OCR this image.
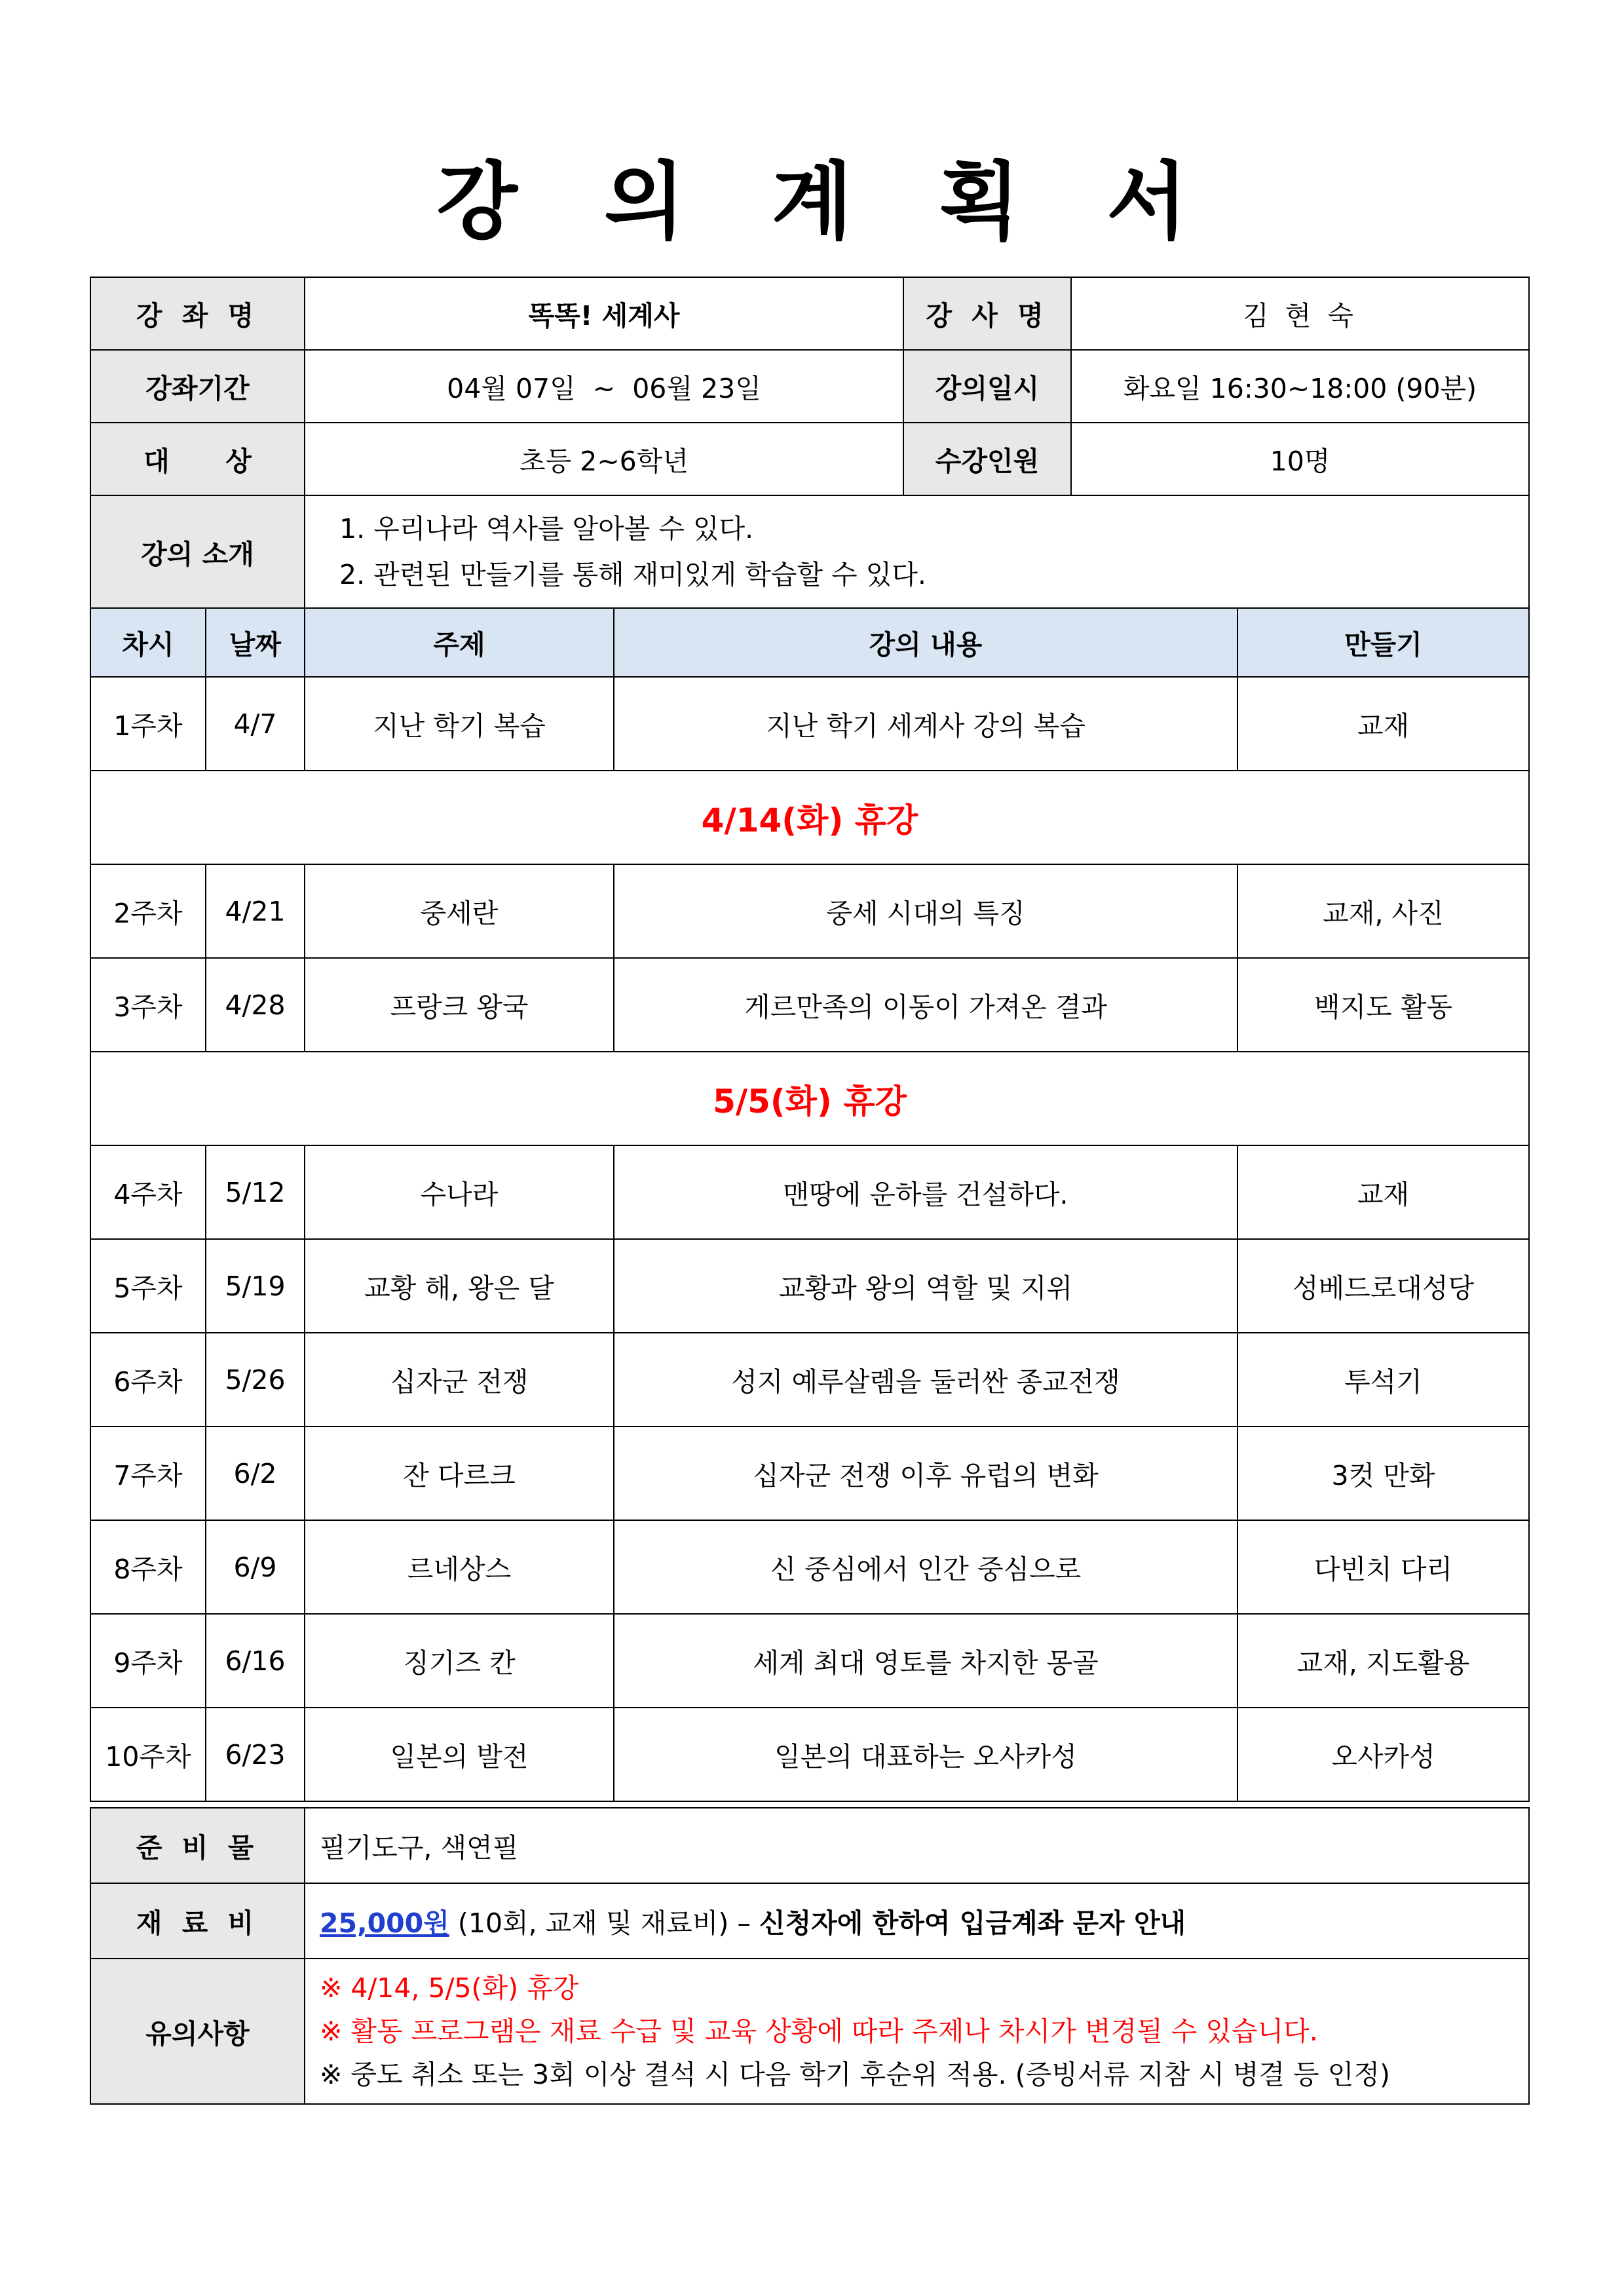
강 의 계 획 서
강 좌 명	똑똑! 세계사	강 사 명	김 현 숙
강좌기간	04월 07일  ~  06월 23일	강의일시	화요일 16:30~18:00 (90분)
대      상	초등 2~6학년	수강인원	10명
강의 소개	1. 우리나라 역사를 알아볼 수 있다.
2. 관련된 만들기를 통해 재미있게 학습할 수 있다.		
차시	날짜	주제	강의 내용	만들기
1주차	4/7	지난 학기 복습	지난 학기 세계사 강의 복습	교재
4/14(화) 휴강				
2주차	4/21	중세란	중세 시대의 특징	교재, 사진
3주차	4/28	프랑크 왕국	게르만족의 이동이 가져온 결과	백지도 활동
5/5(화) 휴강				
4주차	5/12	수나라	맨땅에 운하를 건설하다.	교재
5주차	5/19	교황 해, 왕은 달	교황과 왕의 역할 및 지위	성베드로대성당
6주차	5/26	십자군 전쟁	성지 예루살렘을 둘러싼 종교전쟁	투석기
7주차	6/2	잔 다르크	십자군 전쟁 이후 유럽의 변화	3컷 만화
8주차	6/9	르네상스	신 중심에서 인간 중심으로	다빈치 다리
9주차	6/16	징기즈 칸	세계 최대 영토를 차지한 몽골	교재, 지도활용
10주차	6/23	일본의 발전	일본의 대표하는 오사카성	오사카성
준 비 물	필기도구, 색연필
재 료 비	25,000원 (10회, 교재 및 재료비) – 신청자에 한하여 입금계좌 문자 안내
유의사항	※ 4/14, 5/5(화) 휴강
※ 활동 프로그램은 재료 수급 및 교육 상황에 따라 주제나 차시가 변경될 수 있습니다.
※ 중도 취소 또는 3회 이상 결석 시 다음 학기 후순위 적용. (증빙서류 지참 시 병결 등 인정)
